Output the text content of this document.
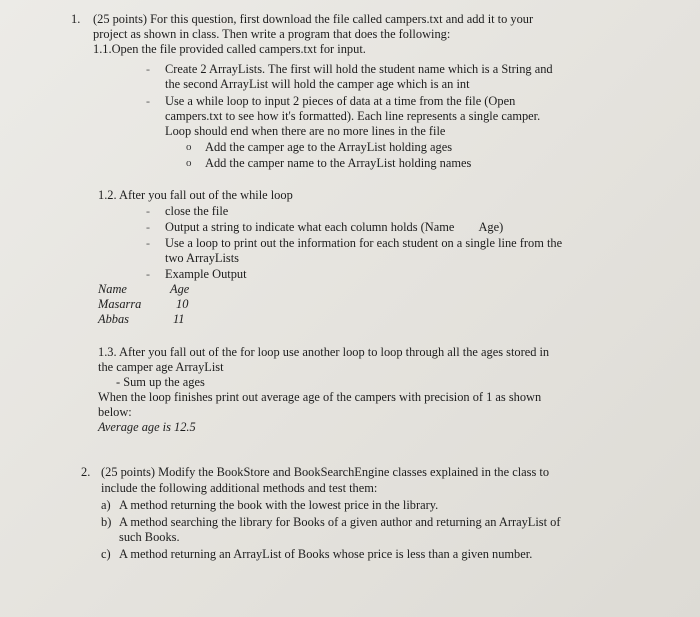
1. (25 points) For this question, first download the file called campers.txt and add it to your
project as shown in class. Then write a program that does the following:
1.1.Open the file provided called campers.txt for input.
- Create 2 ArrayLists. The first will hold the student name which is a String and
the second ArrayList will hold the camper age which is an int
- Use a while loop to input 2 pieces of data at a time from the file (Open
campers.txt to see how it's formatted). Each line represents a single camper.
Loop should end when there are no more lines in the file
o Add the camper age to the ArrayList holding ages
o Add the camper name to the ArrayList holding names
1.2. After you fall out of the while loop
- close the file
- Output a string to indicate what each column holds (Name        Age)
- Use a loop to print out the information for each student on a single line from the
two ArrayLists
- Example Output
Name	Age
Masarra	10
Abbas	11
1.3. After you fall out of the for loop use another loop to loop through all the ages stored in
the camper age ArrayList
- Sum up the ages
When the loop finishes print out average age of the campers with precision of 1 as shown
below:
Average age is 12.5
2. (25 points) Modify the BookStore and BookSearchEngine classes explained in the class to
include the following additional methods and test them:
a) A method returning the book with the lowest price in the library.
b) A method searching the library for Books of a given author and returning an ArrayList of
such Books.
c) A method returning an ArrayList of Books whose price is less than a given number.
